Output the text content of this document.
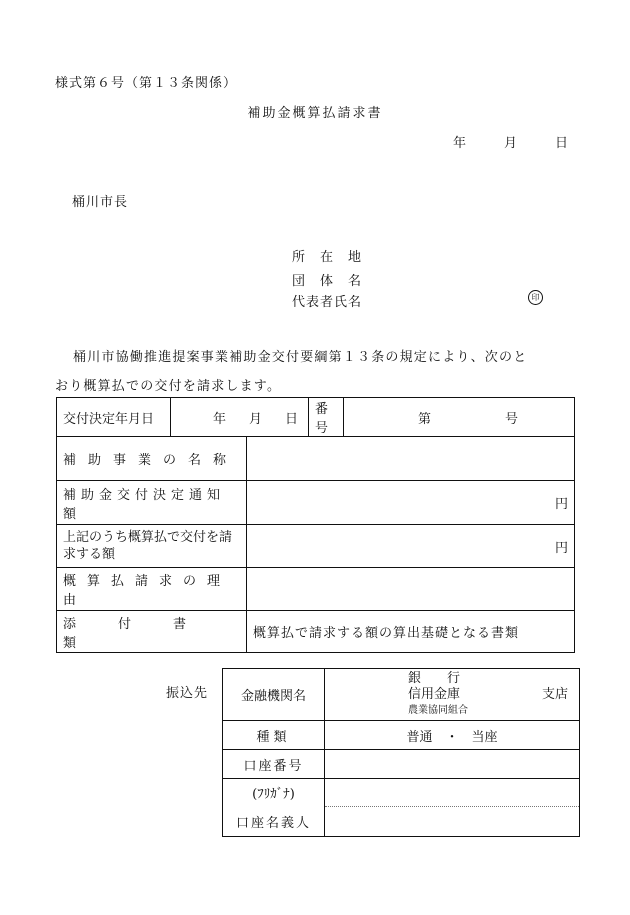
様式第６号（第１３条関係）
補助金概算払請求書
年	月	日
桶川市長
所　在　地
団　体　名
代表者氏名	印
桶川市協働推進提案事業補助金交付要綱第１３条の規定により、次のと
おり概算払での交付を請求します。
交付決定年月日	年 月 日		番 号	第 号

補助事業の名称				

補助金交付決定通知額		円		
上記のうち概算払で交付を請求する額		円		
概算払請求の理由				
添付書類		概算払で請求する額の算出基礎となる書類		
振込先	金融機関名	銀　　行
信用金庫 支店
農業協同組合

種類	普通　・　当座
口座番号	
(ﾌﾘｶﾞﾅ)	
口座名義人	
